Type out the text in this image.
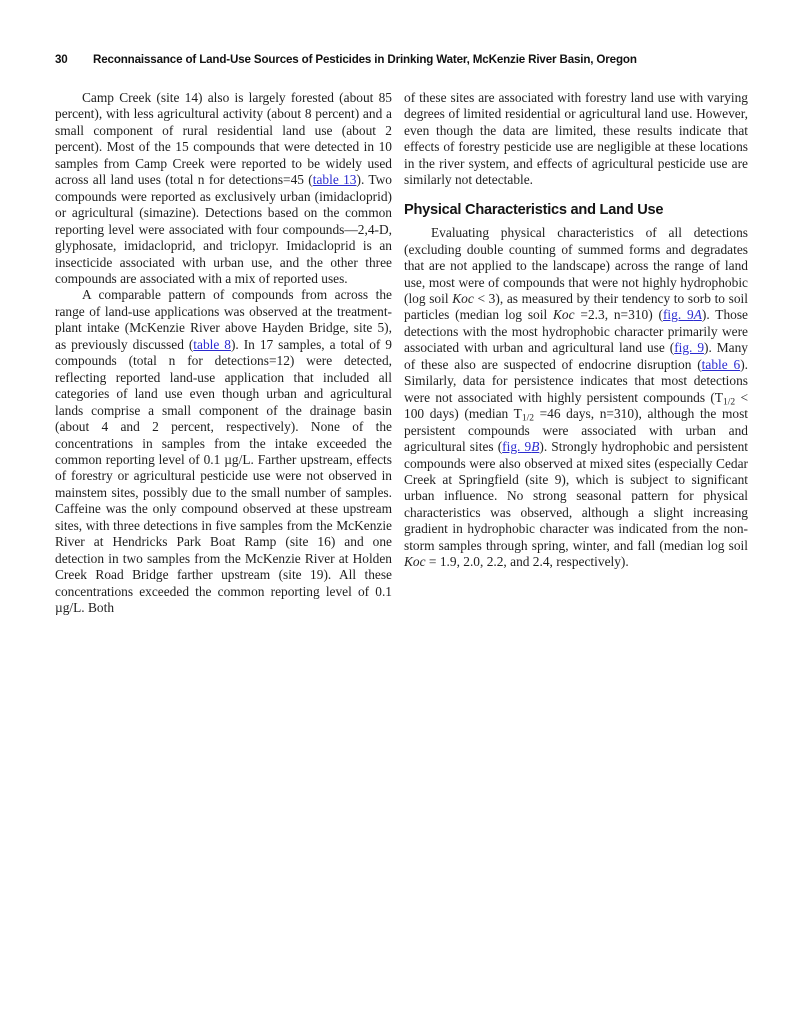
30	Reconnaissance of Land-Use Sources of Pesticides in Drinking Water, McKenzie River Basin, Oregon

Camp Creek (site 14) also is largely forested (about 85 percent), with less agricultural activity (about 8 percent) and a small component of rural residential land use (about 2 percent). Most of the 15 compounds that were detected in 10 samples from Camp Creek were reported to be widely used across all land uses (total n for detections=45 (table 13). Two compounds were reported as exclusively urban (imidacloprid) or agricultural (simazine). Detections based on the common reporting level were associated with four compounds—2,4-D, glyphosate, imidacloprid, and triclopyr. Imidacloprid is an insecticide associated with urban use, and the other three compounds are associated with a mix of reported uses.

A comparable pattern of compounds from across the range of land-use applications was observed at the treatment-plant intake (McKenzie River above Hayden Bridge, site 5), as previously discussed (table 8). In 17 samples, a total of 9 compounds (total n for detections=12) were detected, reflecting reported land-use application that included all categories of land use even though urban and agricultural lands comprise a small component of the drainage basin (about 4 and 2 percent, respectively). None of the concentrations in samples from the intake exceeded the common reporting level of 0.1 µg/L. Farther upstream, effects of forestry or agricultural pesticide use were not observed in mainstem sites, possibly due to the small number of samples. Caffeine was the only compound observed at these upstream sites, with three detections in five samples from the McKenzie River at Hendricks Park Boat Ramp (site 16) and one detection in two samples from the McKenzie River at Holden Creek Road Bridge farther upstream (site 19). All these concentrations exceeded the common reporting level of 0.1 µg/L. Both

of these sites are associated with forestry land use with varying degrees of limited residential or agricultural land use. However, even though the data are limited, these results indicate that effects of forestry pesticide use are negligible at these locations in the river system, and effects of agricultural pesticide use are similarly not detectable.

Physical Characteristics and Land Use

Evaluating physical characteristics of all detections (excluding double counting of summed forms and degradates that are not applied to the landscape) across the range of land use, most were of compounds that were not highly hydrophobic (log soil Koc < 3), as measured by their tendency to sorb to soil particles (median log soil Koc =2.3, n=310) (fig. 9A). Those detections with the most hydrophobic character primarily were associated with urban and agricultural land use (fig. 9). Many of these also are suspected of endocrine disruption (table 6). Similarly, data for persistence indicates that most detections were not associated with highly persistent compounds ($T_{1/2} < 100$ days) (median $T_{1/2} =46$ days, n=310), although the most persistent compounds were associated with urban and agricultural sites (fig. 9B). Strongly hydrophobic and persistent compounds were also observed at mixed sites (especially Cedar Creek at Springfield (site 9), which is subject to significant urban influence. No strong seasonal pattern for physical characteristics was observed, although a slight increasing gradient in hydrophobic character was indicated from the non-storm samples through spring, winter, and fall (median log soil Koc = 1.9, 2.0, 2.2, and 2.4, respectively).
